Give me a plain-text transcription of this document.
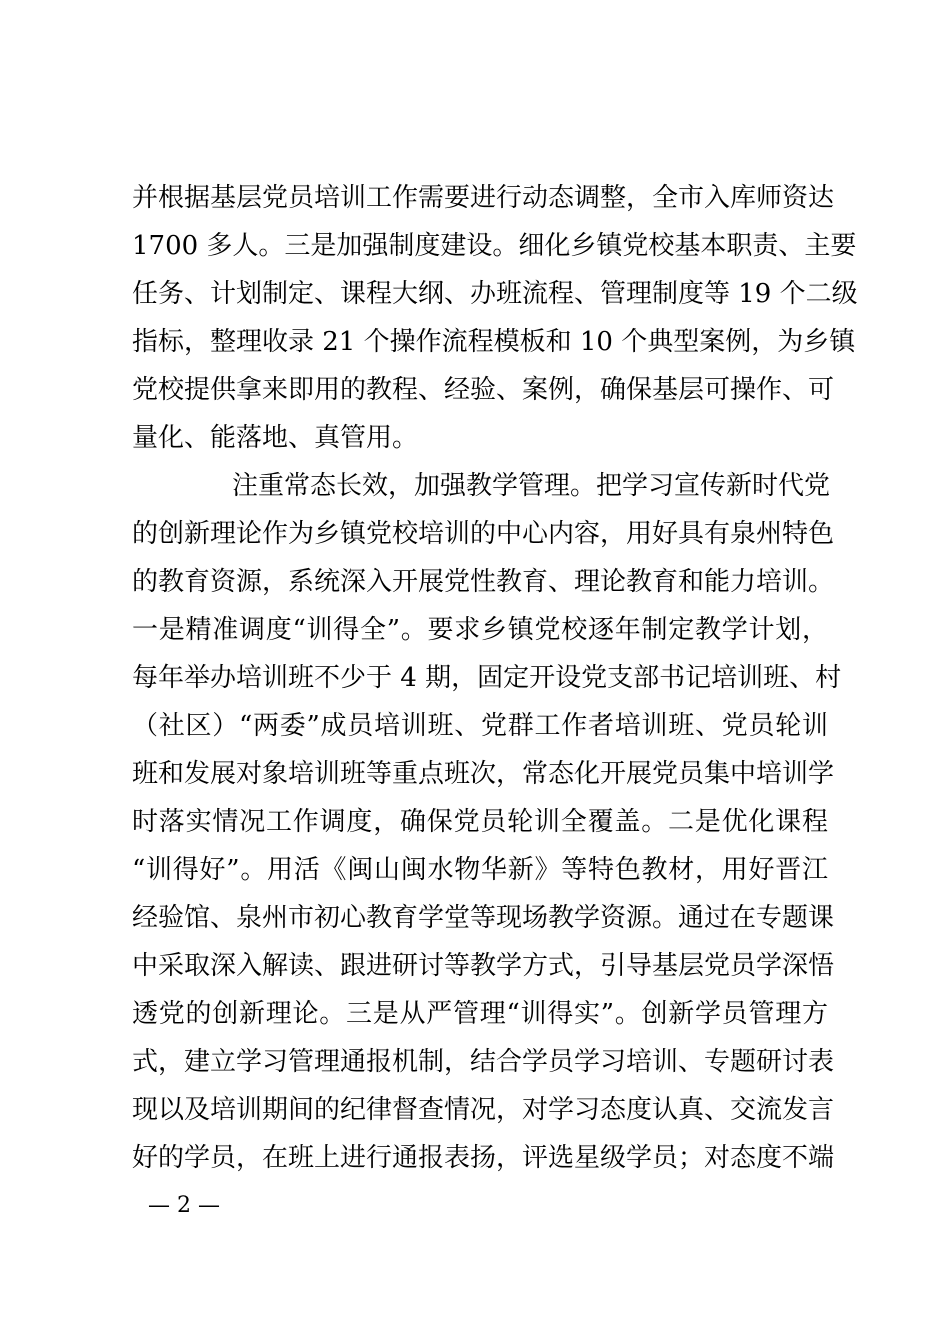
并根据基层党员培训工作需要进行动态调整，全市入库师资达
1700 多人。三是加强制度建设。细化乡镇党校基本职责、主要
任务、计划制定、课程大纲、办班流程、管理制度等 19 个二级
指标，整理收录 21 个操作流程模板和 10 个典型案例，为乡镇
党校提供拿来即用的教程、经验、案例，确保基层可操作、可
量化、能落地、真管用。
注重常态长效，加强教学管理。把学习宣传新时代党
的创新理论作为乡镇党校培训的中心内容，用好具有泉州特色
的教育资源，系统深入开展党性教育、理论教育和能力培训。
一是精准调度“训得全”。要求乡镇党校逐年制定教学计划，
每年举办培训班不少于 4 期，固定开设党支部书记培训班、村
（社区）“两委”成员培训班、党群工作者培训班、党员轮训
班和发展对象培训班等重点班次，常态化开展党员集中培训学
时落实情况工作调度，确保党员轮训全覆盖。二是优化课程
“训得好”。用活《闽山闽水物华新》等特色教材，用好晋江
经验馆、泉州市初心教育学堂等现场教学资源。通过在专题课
中采取深入解读、跟进研讨等教学方式，引导基层党员学深悟
透党的创新理论。三是从严管理“训得实”。创新学员管理方
式，建立学习管理通报机制，结合学员学习培训、专题研讨表
现以及培训期间的纪律督查情况，对学习态度认真、交流发言
好的学员，在班上进行通报表扬，评选星级学员；对态度不端
— 2 —
